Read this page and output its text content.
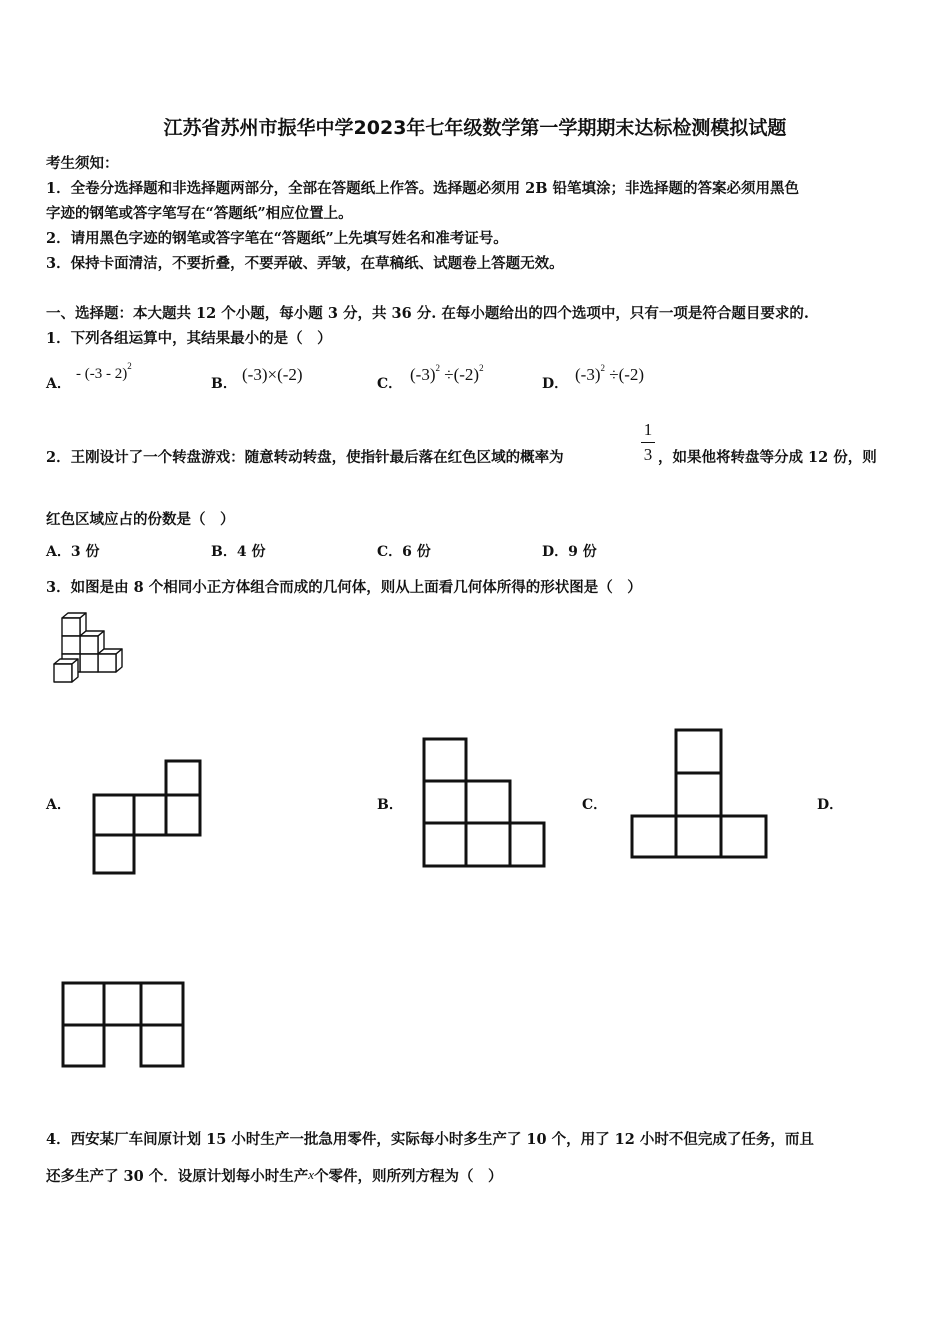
江苏省苏州市振华中学2023年七年级数学第一学期期末达标检测模拟试题
考生须知：
1．全卷分选择题和非选择题两部分，全部在答题纸上作答。选择题必须用 2B 铅笔填涂；非选择题的答案必须用黑色
字迹的钢笔或答字笔写在“答题纸”相应位置上。
2．请用黑色字迹的钢笔或答字笔在“答题纸”上先填写姓名和准考证号。
3．保持卡面清洁，不要折叠，不要弄破、弄皱，在草稿纸、试题卷上答题无效。
一、选择题：本大题共 12 个小题，每小题 3 分，共 36 分. 在每小题给出的四个选项中，只有一项是符合题目要求的.
1．下列各组运算中，其结果最小的是（　）
A．
- (-3 - 2)$^2$
B． (-3)×(-2)	C． $(-3)^2 \div(-2)^2$
D． $(-3)^2 \div(-2)$
2．王刚设计了一个转盘游戏：随意转动转盘，使指针最后落在红色区域的概率为
1
3 ，如果他将转盘等分成 12 份，则
红色区域应占的份数是（　）
A．3 份	B．4 份	C．6 份	D．9 份
3．如图是由 8 个相同小正方体组合而成的几何体，则从上面看几何体所得的形状图是（　）
A．	B．	C．	D．
4．西安某厂车间原计划 15 小时生产一批急用零件，实际每小时多生产了 10 个，用了 12 小时不但完成了任务，而且
还多生产了 30 个．设原计划每小时生产x个零件，则所列方程为（　）
